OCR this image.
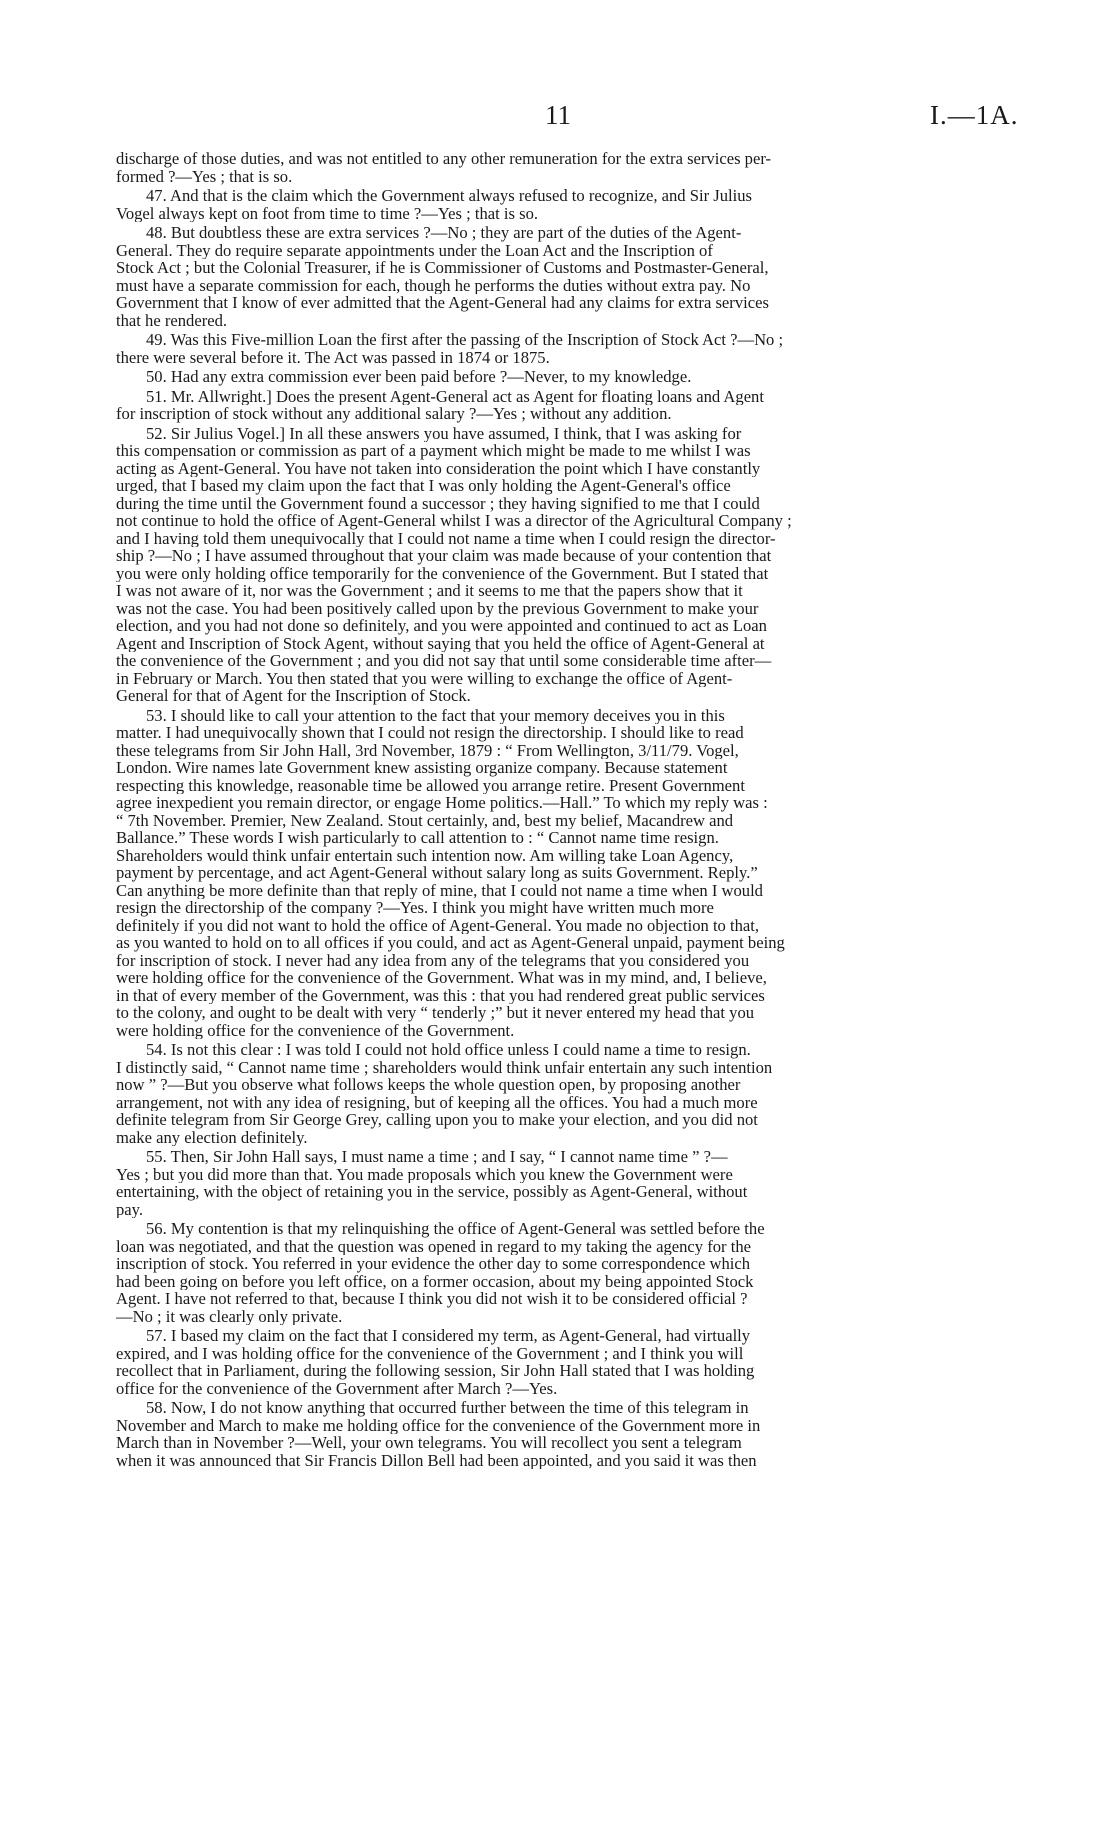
11	I.—1A.

discharge of those duties, and was not entitled to any other remuneration for the extra services per-
formed ?—Yes ; that is so.

47. And that is the claim which the Government always refused to recognize, and Sir Julius
Vogel always kept on foot from time to time ?—Yes ; that is so.

48. But doubtless these are extra services ?—No ; they are part of the duties of the Agent-
General. They do require separate appointments under the Loan Act and the Inscription of
Stock Act ; but the Colonial Treasurer, if he is Commissioner of Customs and Postmaster-General,
must have a separate commission for each, though he performs the duties without extra pay. No
Government that I know of ever admitted that the Agent-General had any claims for extra services
that he rendered.

49. Was this Five-million Loan the first after the passing of the Inscription of Stock Act ?—No ;
there were several before it. The Act was passed in 1874 or 1875.

50. Had any extra commission ever been paid before ?—Never, to my knowledge.

51. Mr. Allwright.] Does the present Agent-General act as Agent for floating loans and Agent
for inscription of stock without any additional salary ?—Yes ; without any addition.

52. Sir Julius Vogel.] In all these answers you have assumed, I think, that I was asking for
this compensation or commission as part of a payment which might be made to me whilst I was
acting as Agent-General. You have not taken into consideration the point which I have constantly
urged, that I based my claim upon the fact that I was only holding the Agent-General's office
during the time until the Government found a successor ; they having signified to me that I could
not continue to hold the office of Agent-General whilst I was a director of the Agricultural Company ;
and I having told them unequivocally that I could not name a time when I could resign the director-
ship ?—No ; I have assumed throughout that your claim was made because of your contention that
you were only holding office temporarily for the convenience of the Government. But I stated that
I was not aware of it, nor was the Government ; and it seems to me that the papers show that it
was not the case. You had been positively called upon by the previous Government to make your
election, and you had not done so definitely, and you were appointed and continued to act as Loan
Agent and Inscription of Stock Agent, without saying that you held the office of Agent-General at
the convenience of the Government ; and you did not say that until some considerable time after—
in February or March. You then stated that you were willing to exchange the office of Agent-
General for that of Agent for the Inscription of Stock.

53. I should like to call your attention to the fact that your memory deceives you in this
matter. I had unequivocally shown that I could not resign the directorship. I should like to read
these telegrams from Sir John Hall, 3rd November, 1879 : “ From Wellington, 3/11/79. Vogel,
London. Wire names late Government knew assisting organize company. Because statement
respecting this knowledge, reasonable time be allowed you arrange retire. Present Government
agree inexpedient you remain director, or engage Home politics.—Hall.” To which my reply was :
“ 7th November. Premier, New Zealand. Stout certainly, and, best my belief, Macandrew and
Ballance.” These words I wish particularly to call attention to : “ Cannot name time resign.
Shareholders would think unfair entertain such intention now. Am willing take Loan Agency,
payment by percentage, and act Agent-General without salary long as suits Government. Reply.”
Can anything be more definite than that reply of mine, that I could not name a time when I would
resign the directorship of the company ?—Yes. I think you might have written much more
definitely if you did not want to hold the office of Agent-General. You made no objection to that,
as you wanted to hold on to all offices if you could, and act as Agent-General unpaid, payment being
for inscription of stock. I never had any idea from any of the telegrams that you considered you
were holding office for the convenience of the Government. What was in my mind, and, I believe,
in that of every member of the Government, was this : that you had rendered great public services
to the colony, and ought to be dealt with very “ tenderly ;” but it never entered my head that you
were holding office for the convenience of the Government.

54. Is not this clear : I was told I could not hold office unless I could name a time to resign.
I distinctly said, “ Cannot name time ; shareholders would think unfair entertain any such intention
now ” ?—But you observe what follows keeps the whole question open, by proposing another
arrangement, not with any idea of resigning, but of keeping all the offices. You had a much more
definite telegram from Sir George Grey, calling upon you to make your election, and you did not
make any election definitely.

55. Then, Sir John Hall says, I must name a time ; and I say, “ I cannot name time ” ?—
Yes ; but you did more than that. You made proposals which you knew the Government were
entertaining, with the object of retaining you in the service, possibly as Agent-General, without
pay.

56. My contention is that my relinquishing the office of Agent-General was settled before the
loan was negotiated, and that the question was opened in regard to my taking the agency for the
inscription of stock. You referred in your evidence the other day to some correspondence which
had been going on before you left office, on a former occasion, about my being appointed Stock
Agent. I have not referred to that, because I think you did not wish it to be considered official ?
—No ; it was clearly only private.

57. I based my claim on the fact that I considered my term, as Agent-General, had virtually
expired, and I was holding office for the convenience of the Government ; and I think you will
recollect that in Parliament, during the following session, Sir John Hall stated that I was holding
office for the convenience of the Government after March ?—Yes.

58. Now, I do not know anything that occurred further between the time of this telegram in
November and March to make me holding office for the convenience of the Government more in
March than in November ?—Well, your own telegrams. You will recollect you sent a telegram
when it was announced that Sir Francis Dillon Bell had been appointed, and you said it was then
